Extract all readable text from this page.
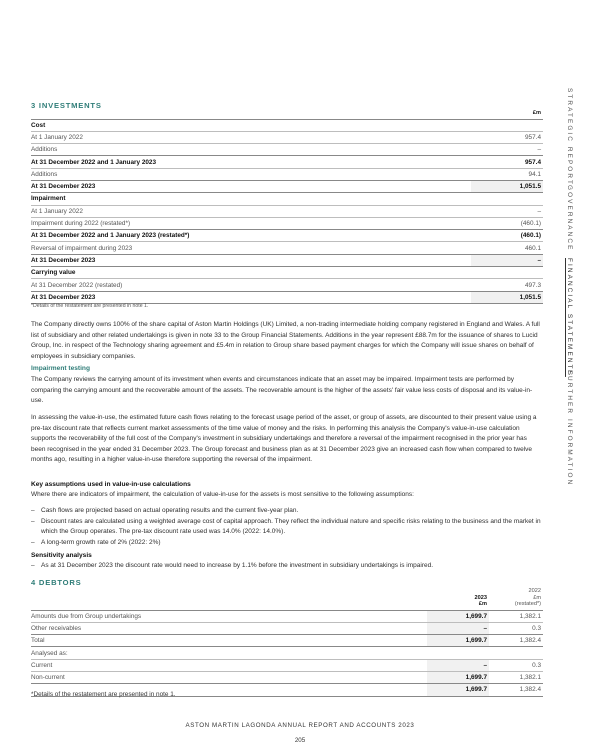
3 INVESTMENTS
	£m
Cost	
At 1 January 2022	957.4
Additions	–
At 31 December 2022 and 1 January 2023	957.4
Additions	94.1
At 31 December 2023	1,051.5
Impairment	
At 1 January 2022	–
Impairment during 2022 (restated*)	(460.1)
At 31 December 2022 and 1 January 2023 (restated*)	(460.1)
Reversal of impairment during 2023	460.1
At 31 December 2023	–
Carrying value	
At 31 December 2022 (restated)	497.3
At 31 December 2023	1,051.5
*Details of the restatement are presented in note 1.

The Company directly owns 100% of the share capital of Aston Martin Holdings (UK) Limited, a non-trading intermediate holding company registered in England and Wales. A full list of subsidiary and other related undertakings is given in note 33 to the Group Financial Statements. Additions in the year represent £88.7m for the issuance of shares to Lucid Group, Inc. in respect of the Technology sharing agreement and £5.4m in relation to Group share based payment charges for which the Company will issue shares on behalf of employees in subsidiary companies.

Impairment testing

The Company reviews the carrying amount of its investment when events and circumstances indicate that an asset may be impaired. Impairment tests are performed by comparing the carrying amount and the recoverable amount of the assets. The recoverable amount is the higher of the assets' fair value less costs of disposal and its value-in-use.

In assessing the value-in-use, the estimated future cash flows relating to the forecast usage period of the asset, or group of assets, are discounted to their present value using a pre-tax discount rate that reflects current market assessments of the time value of money and the risks. In performing this analysis the Company's value-in-use calculation supports the recoverability of the full cost of the Company's investment in subsidiary undertakings and therefore a reversal of the impairment recognised in the prior year has been recognised in the year ended 31 December 2023. The Group forecast and business plan as at 31 December 2023 give an increased cash flow when compared to twelve months ago, resulting in a higher value-in-use therefore supporting the reversal of the impairment.

Key assumptions used in value-in-use calculations

Where there are indicators of impairment, the calculation of value-in-use for the assets is most sensitive to the following assumptions:

– Cash flows are projected based on actual operating results and the current five-year plan.
– Discount rates are calculated using a weighted average cost of capital approach. They reflect the individual nature and specific risks relating to the business and the market in which the Group operates. The pre-tax discount rate used was 14.0% (2022: 14.0%).
– A long-term growth rate of 2% (2022: 2%)
Sensitivity analysis
– As at 31 December 2023 the discount rate would need to increase by 1.1% before the investment in subsidiary undertakings is impaired.
4 DEBTORS
	2023
£m	2022
£m
(restated*)
Amounts due from Group undertakings	1,699.7	1,382.1
Other receivables	–	0.3
Total	1,699.7	1,382.4
Analysed as:		
Current	–	0.3
Non-current	1,699.7	1,382.1
	1,699.7	1,382.4
*Details of the restatement are presented in note 1.
ASTON MARTIN LAGONDA ANNUAL REPORT AND ACCOUNTS 2023
205
STRATEGIC REPORT
GOVERNANCE
FINANCIAL STATEMENTS
FURTHER INFORMATION
